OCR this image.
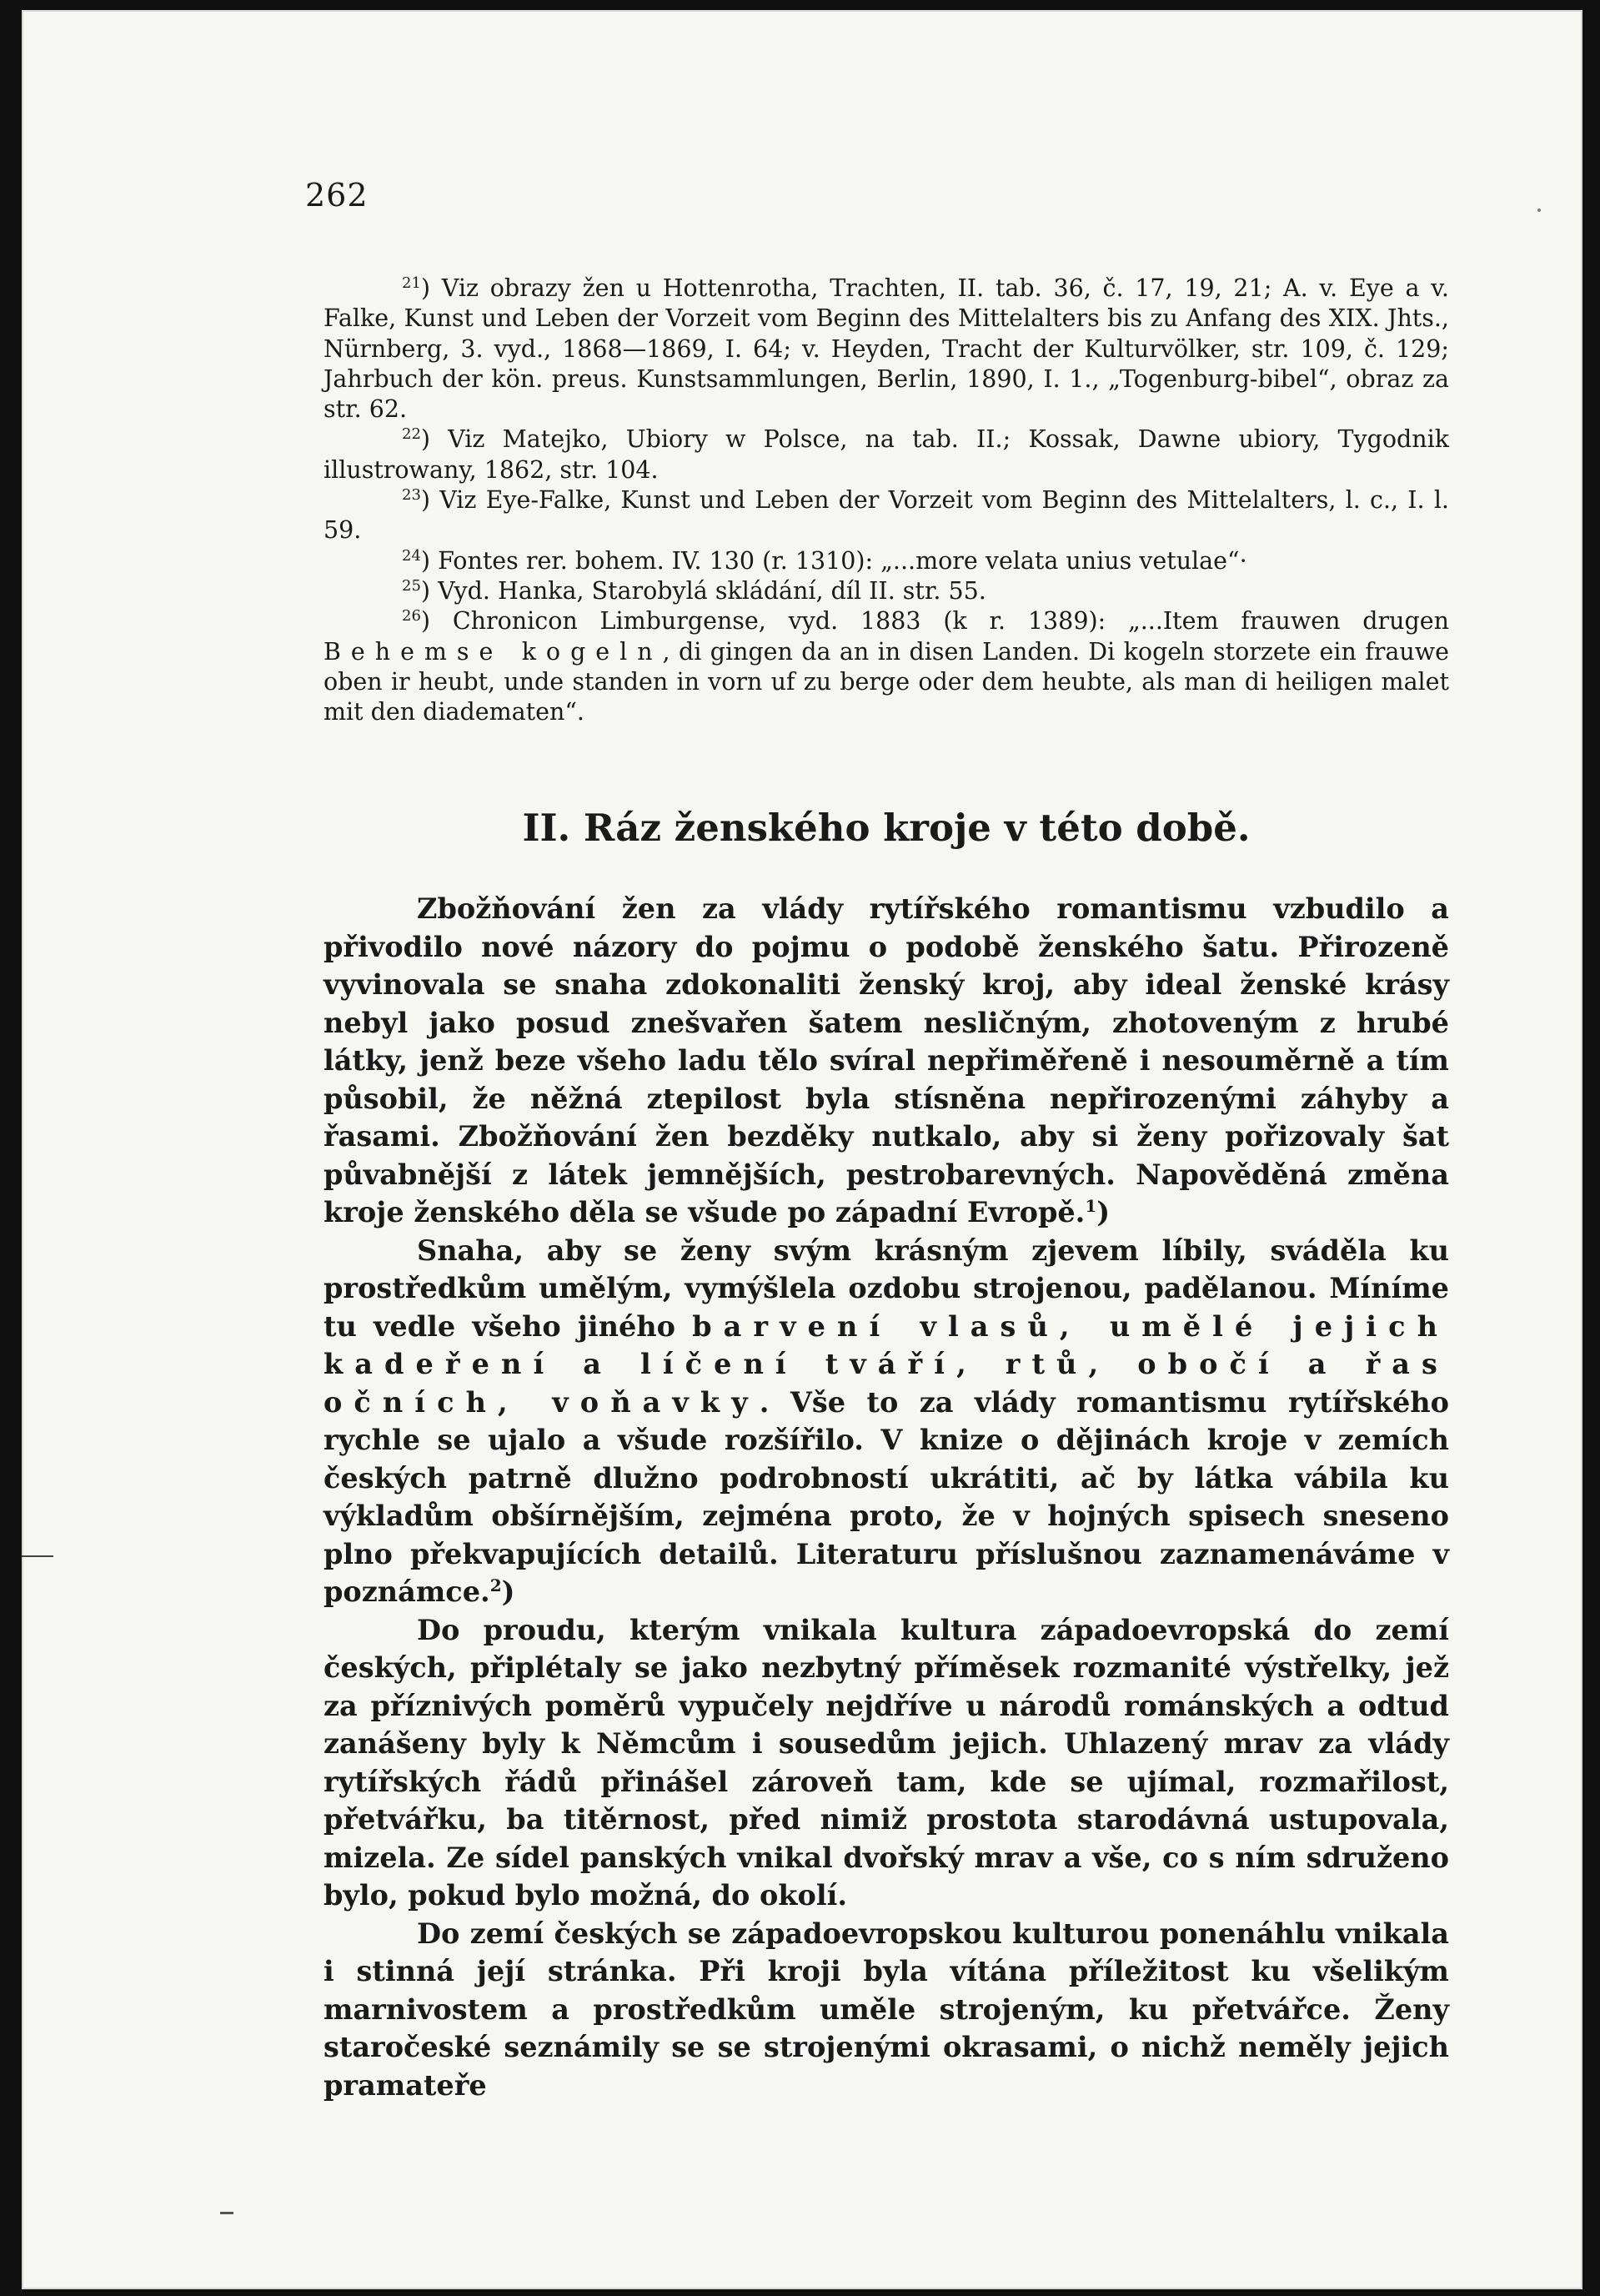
262

$^{21}$) Viz obrazy žen u Hottenrotha, Trachten, II. tab. 36, č. 17, 19, 21; A. v. Eye a v. Falke, Kunst und Leben der Vorzeit vom Beginn des Mittelalters bis zu Anfang des XIX. Jhts., Nürnberg, 3. vyd., 1868—1869, I. 64; v. Heyden, Tracht der Kulturvölker, str. 109, č. 129; Jahrbuch der kön. preus. Kunstsammlungen, Berlin, 1890, I. 1., „Togenburg-bibel“, obraz za str. 62.

$^{22}$) Viz Matejko, Ubiory w Polsce, na tab. II.; Kossak, Dawne ubiory, Tygodnik illustrowany, 1862, str. 104.

$^{23}$) Viz Eye-Falke, Kunst und Leben der Vorzeit vom Beginn des Mittelalters, l. c., I. l. 59.

$^{24}$) Fontes rer. bohem. IV. 130 (r. 1310): „...more velata unius vetulae“·

$^{25}$) Vyd. Hanka, Starobylá skládání, díl II. str. 55.

$^{26}$) Chronicon Limburgense, vyd. 1883 (k r. 1389): „...Item frauwen drugen Behemse kogeln, di gingen da an in disen Landen. Di kogeln storzete ein frauwe oben ir heubt, unde standen in vorn uf zu berge oder dem heubte, als man di heiligen malet mit den diadematen“.

II. Ráz ženského kroje v této době.

Zbožňování žen za vlády rytířského romantismu vzbudilo a přivodilo nové názory do pojmu o podobě ženského šatu. Přirozeně vyvinovala se snaha zdokonaliti ženský kroj, aby ideal ženské krásy nebyl jako posud znešvařen šatem nesličným, zhotoveným z hrubé látky, jenž beze všeho ladu tělo svíral nepřiměřeně i nesouměrně a tím působil, že něžná ztepilost byla stísněna nepřirozenými záhyby a řasami. Zbožňování žen bezděky nutkalo, aby si ženy pořizovaly šat půvabnější z látek jemnějších, pestrobarevných. Napověděná změna kroje ženského děla se všude po západní Evropě.$^1$)

Snaha, aby se ženy svým krásným zjevem líbily, sváděla ku prostředkům umělým, vymýšlela ozdobu strojenou, padělanou. Míníme tu vedle všeho jiného barvení vlasů, umělé jejich kadeření a líčení tváří, rtů, obočí a řas očních, voňavky. Vše to za vlády romantismu rytířského rychle se ujalo a všude rozšířilo. V knize o dějinách kroje v zemích českých patrně dlužno podrobností ukrátiti, ač by látka vábila ku výkladům obšírnějším, zejména proto, že v hojných spisech sneseno plno překvapujících detailů. Literaturu příslušnou zaznamenáváme v poznámce.$^2$)

Do proudu, kterým vnikala kultura západoevropská do zemí českých, připlétaly se jako nezbytný příměsek rozmanité výstřelky, jež za příznivých poměrů vypučely nejdříve u národů románských a odtud zanášeny byly k Němcům i sousedům jejich. Uhlazený mrav za vlády rytířských řádů přinášel zároveň tam, kde se ujímal, rozmařilost, přetvářku, ba titěrnost, před nimiž prostota starodávná ustupovala, mizela. Ze sídel panských vnikal dvořský mrav a vše, co s ním sdruženo bylo, pokud bylo možná, do okolí.

Do zemí českých se západoevropskou kulturou ponenáhlu vnikala i stinná její stránka. Při kroji byla vítána příležitost ku všelikým marnivostem a prostředkům uměle strojeným, ku přetvářce. Ženy staročeské seznámily se se strojenými okrasami, o nichž neměly jejich pramateře
